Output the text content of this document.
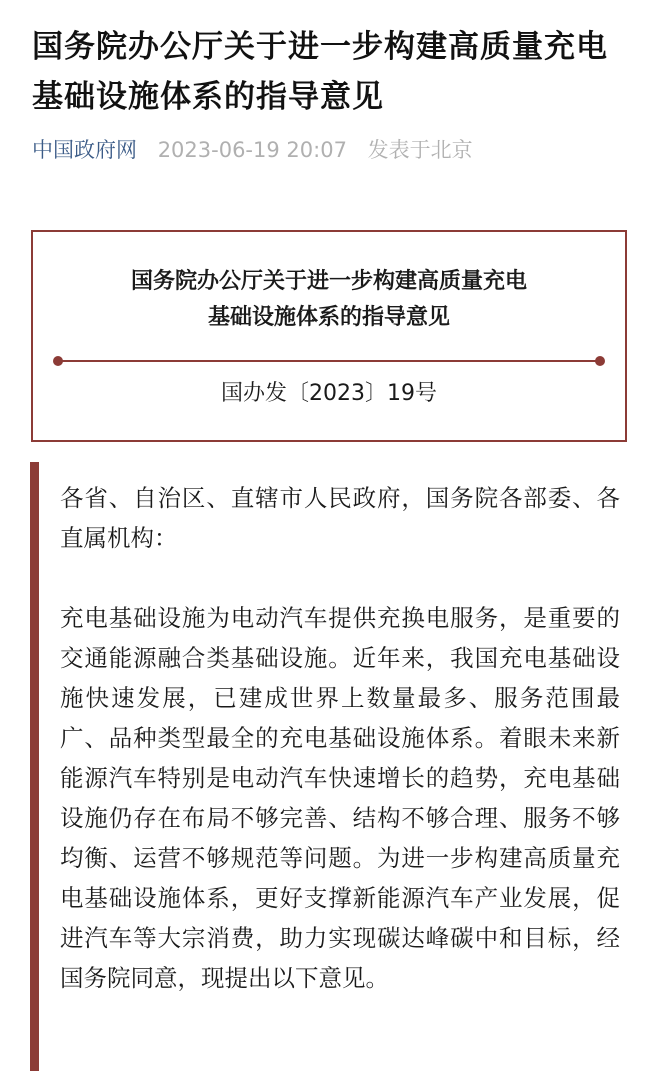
国务院办公厅关于进一步构建高质量充电基础设施体系的指导意见
中国政府网 2023-06-19 20:07 发表于北京
国务院办公厅关于进一步构建高质量充电
基础设施体系的指导意见
国办发〔2023〕19号

各省、自治区、直辖市人民政府，国务院各部委、各直属机构：

充电基础设施为电动汽车提供充换电服务，是重要的交通能源融合类基础设施。近年来，我国充电基础设施快速发展，已建成世界上数量最多、服务范围最广、品种类型最全的充电基础设施体系。着眼未来新能源汽车特别是电动汽车快速增长的趋势，充电基础设施仍存在布局不够完善、结构不够合理、服务不够均衡、运营不够规范等问题。为进一步构建高质量充电基础设施体系，更好支撑新能源汽车产业发展，促进汽车等大宗消费，助力实现碳达峰碳中和目标，经国务院同意，现提出以下意见。
